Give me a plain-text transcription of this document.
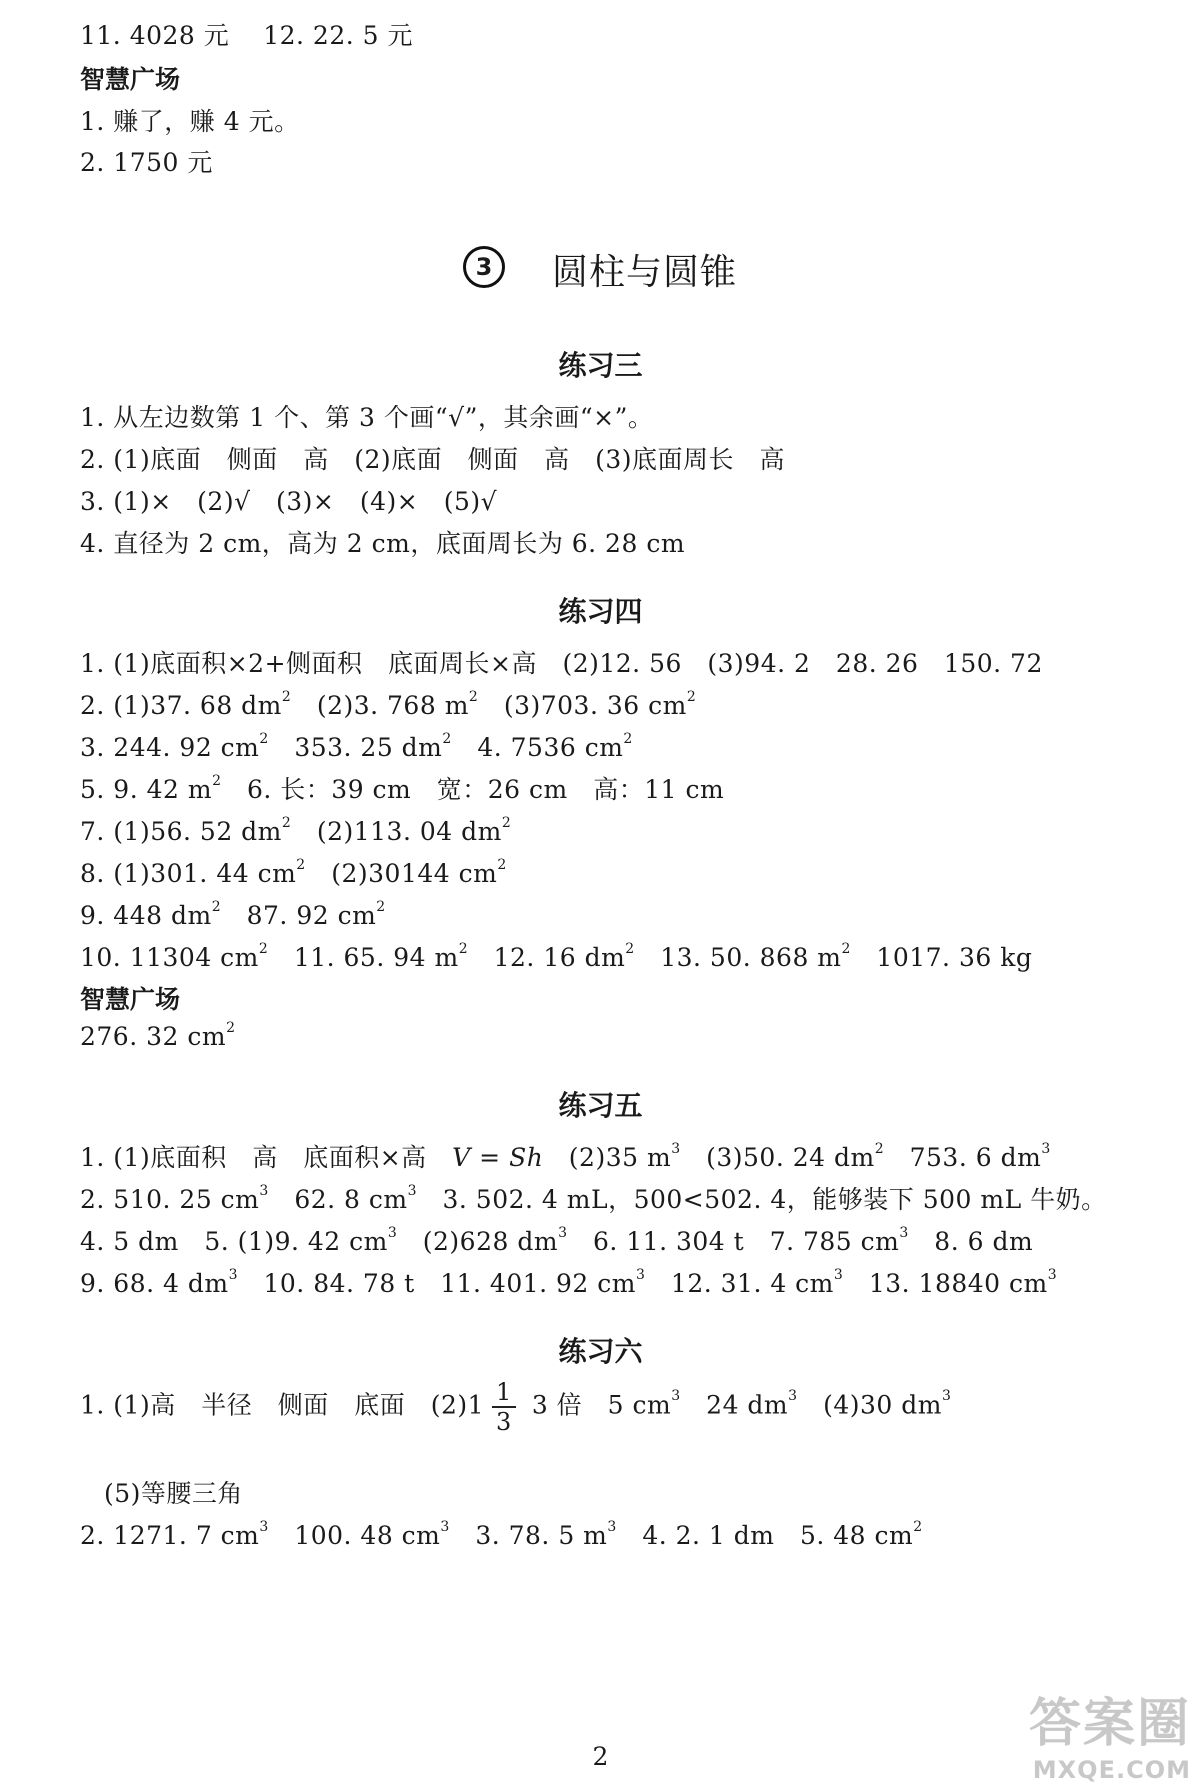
11. 4028 元　 12. 22. 5 元
智慧广场
1. 赚了，赚 4 元。
2. 1750 元
3	圆柱与圆锥
练习三
1. 从左边数第 1 个、第 3 个画“√”，其余画“×”。
2. (1)底面　侧面　高　(2)底面　侧面　高　(3)底面周长　高
3. (1)×　(2)√　(3)×　(4)×　(5)√
4. 直径为 2 cm，高为 2 cm，底面周长为 6. 28 cm
练习四
1. (1)底面积×2+侧面积　底面周长×高　(2)12. 56　(3)94. 2　28. 26　150. 72
2. (1)37. 68 $dm^2$　(2)3. 768 $m^2$　(3)703. 36 $cm^2$
3. 244. 92 $cm^2$　353. 25 $dm^2$　4. 7536 $cm^2$
5. 9. 42 $m^2$　6. 长：39 cm　宽：26 cm　高：11 cm
7. (1)56. 52 $dm^2$　(2)113. 04 $dm^2$
8. (1)301. 44 $cm^2$　(2)30144 $cm^2$
9. 448 $dm^2$　87. 92 $cm^2$
10. 11304 $cm^2$　11. 65. 94 $m^2$　12. 16 $dm^2$　13. 50. 868 $m^2$　1017. 36 kg
智慧广场
276. 32 $cm^2$
练习五
1. (1)底面积　高　底面积×高　V = Sh　(2)35 $m^3$　(3)50. 24 $dm^2$　753. 6 $dm^3$
2. 510. 25 $cm^3$　62. 8 $cm^3$　3. 502. 4 mL，500<502. 4，能够装下 500 mL 牛奶。
4. 5 dm　5. (1)9. 42 $cm^3$　(2)628 $dm^3$　6. 11. 304 t　7. 785 $cm^3$　8. 6 dm
9. 68. 4 $dm^3$　10. 84. 78 t　11. 401. 92 $cm^3$　12. 31. 4 $cm^3$　13. 18840 $cm^3$
练习六
1. (1)高　半径　侧面　底面　$(2)1 \frac{1}{3} 3$ 倍　5 $cm^3$　24 $dm^3$　(4)30 $dm^3$
(5)等腰三角
2. 1271. 7 $cm^3$　100. 48 $cm^3$　3. 78. 5 $m^3$　4. 2. 1 dm　5. 48 $cm^2$
2
答案圈
MXQE.COM
